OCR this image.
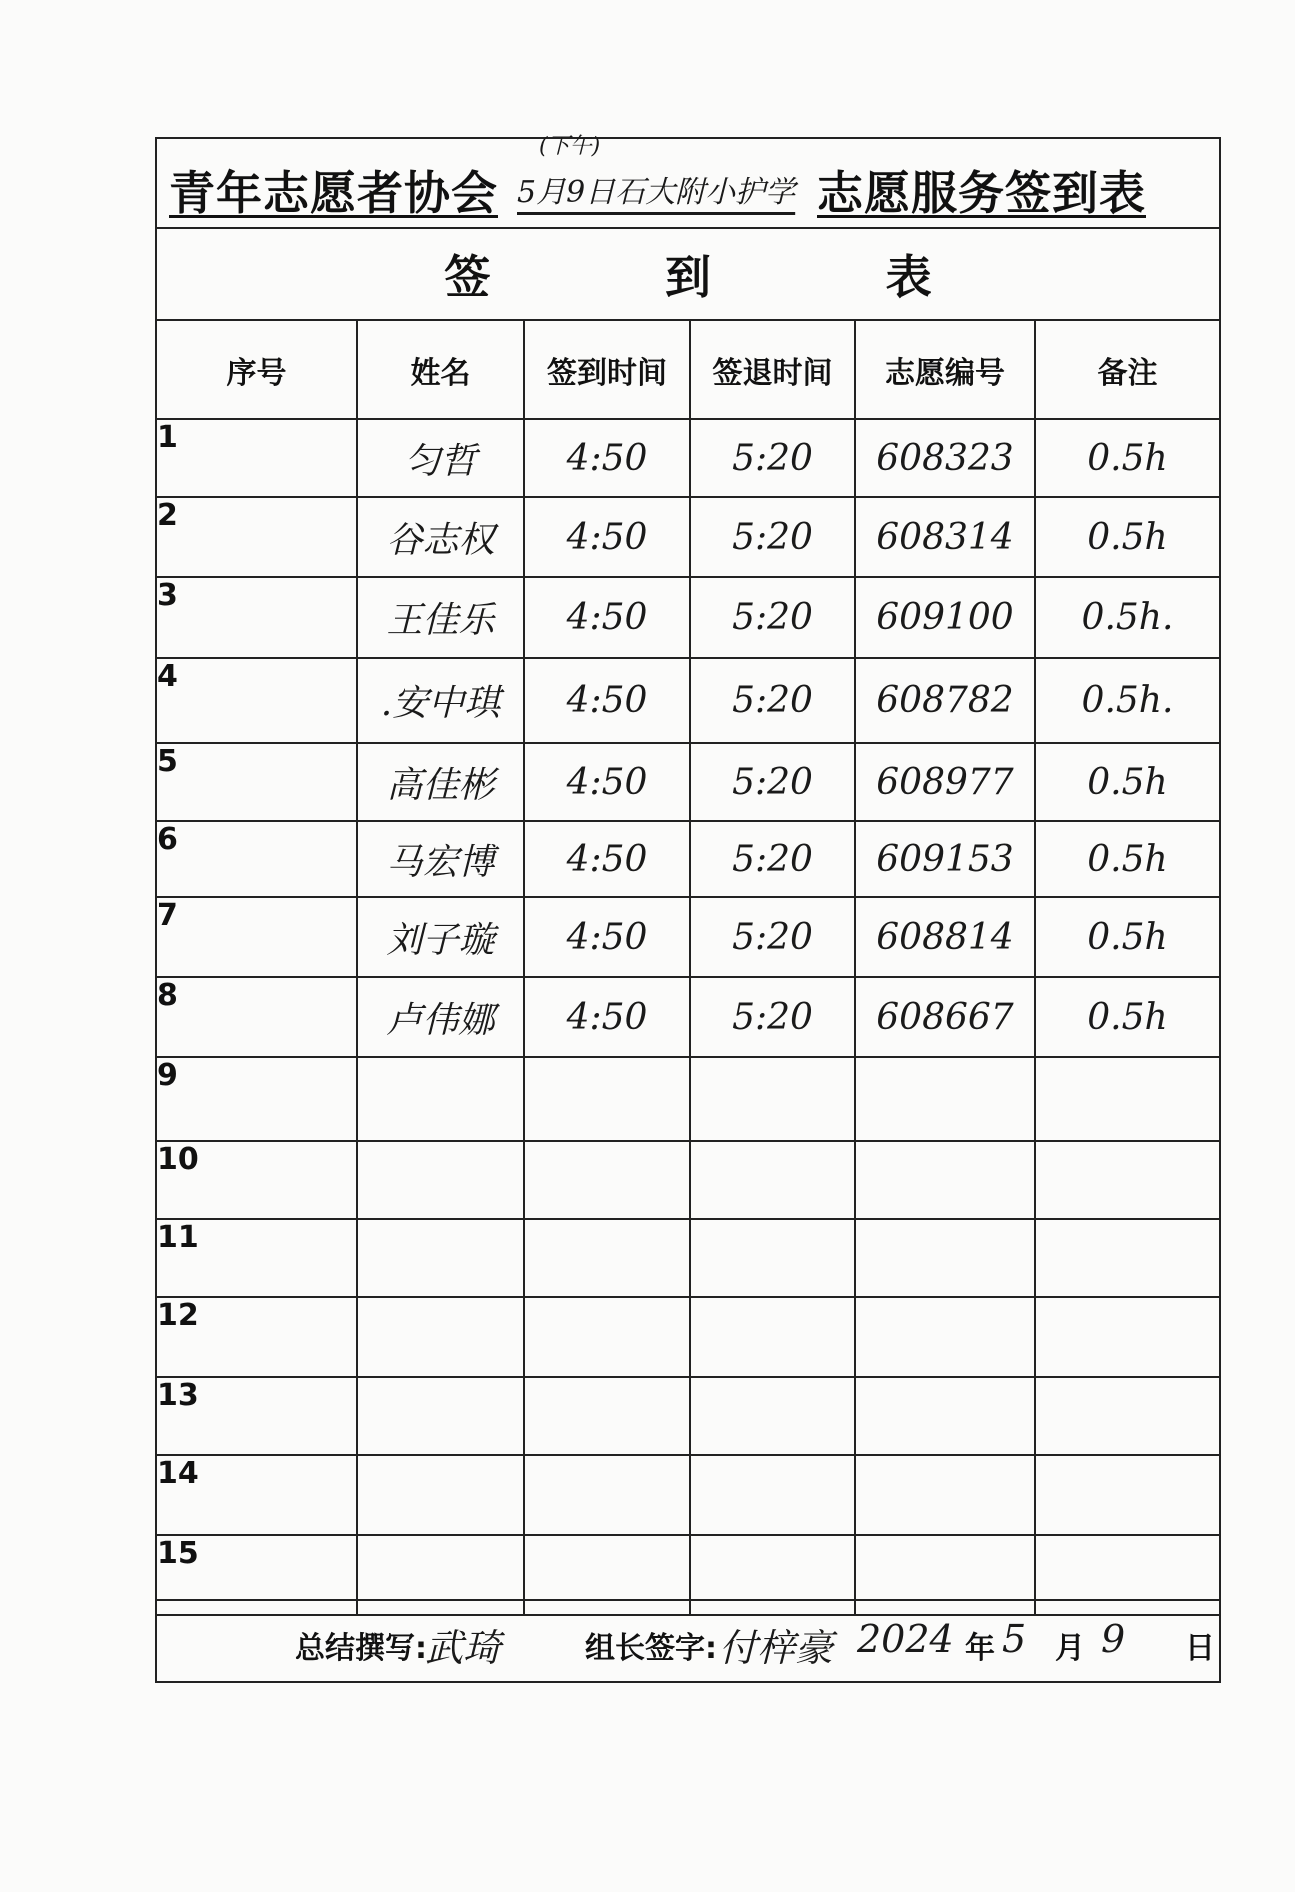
青年志愿者协会
(下午)
5月9日石大附小护学 志愿服务签到表
签	到	表
序号	姓名	签到时间	签退时间	志愿编号	备注
1	匀哲	4:50	5:20	608323	0.5h
2	谷志权	4:50	5:20	608314	0.5h
3	王佳乐	4:50	5:20	609100	0.5h.
4	.安中琪	4:50	5:20	608782	0.5h.
5	高佳彬	4:50	5:20	608977	0.5h
6	马宏博	4:50	5:20	609153	0.5h
7	刘子璇	4:50	5:20	608814	0.5h
8	卢伟娜	4:50	5:20	608667	0.5h
9					
10					
11					
12					
13					
14					
15					
总结撰写:
武琦	组长签字: 付梓豪 2024 年 5 月 9 日
